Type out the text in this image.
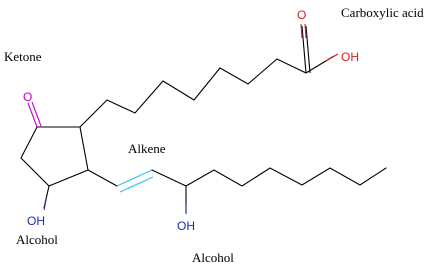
O
OH
O
OH	OH
Carboxylic acid
Ketone
Alkene
Alcohol
Alcohol
